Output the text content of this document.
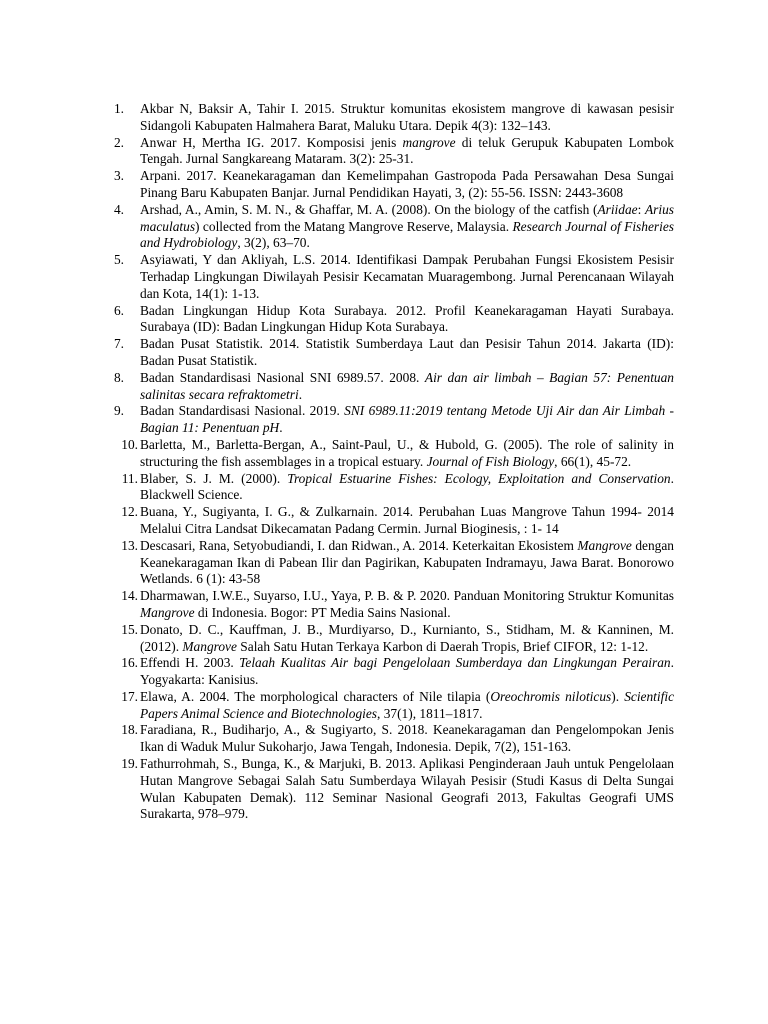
1 . Akbar N, Baksir A, Tahir I. 2015. Struktur komunitas ekosistem mangrove di kawasan pesisir Sidangoli Kabupaten Halmahera Barat, Maluku Utara. Depik 4(3): 132–143.
2 . Anwar H, Mertha IG. 2017. Komposisi jenis mangrove di teluk Gerupuk Kabupaten Lombok Tengah. Jurnal Sangkareang Mataram. 3(2): 25-31.
3 . Arpani. 2017. Keanekaragaman dan Kemelimpahan Gastropoda Pada Persawahan Desa Sungai Pinang Baru Kabupaten Banjar. Jurnal Pendidikan Hayati, 3, (2): 55-56. ISSN: 2443-3608
4 . Arshad, A., Amin, S. M. N., & Ghaffar, M. A. (2008). On the biology of the catfish (Ariidae: Arius maculatus) collected from the Matang Mangrove Reserve, Malaysia. Research Journal of Fisheries and Hydrobiology, 3(2), 63–70.
5 . Asyiawati, Y dan Akliyah, L.S. 2014. Identifikasi Dampak Perubahan Fungsi Ekosistem Pesisir Terhadap Lingkungan Diwilayah Pesisir Kecamatan Muaragembong. Jurnal Perencanaan Wilayah dan Kota, 14(1): 1-13.
6 . Badan Lingkungan Hidup Kota Surabaya. 2012. Profil Keanekaragaman Hayati Surabaya. Surabaya (ID): Badan Lingkungan Hidup Kota Surabaya.
7 . Badan Pusat Statistik. 2014. Statistik Sumberdaya Laut dan Pesisir Tahun 2014. Jakarta (ID): Badan Pusat Statistik.
8 . Badan Standardisasi Nasional SNI 6989.57. 2008. Air dan air limbah – Bagian 57: Penentuan salinitas secara refraktometri.
9 . Badan Standardisasi Nasional. 2019. SNI 6989.11:2019 tentang Metode Uji Air dan Air Limbah - Bagian 11: Penentuan pH.
10 . Barletta, M., Barletta-Bergan, A., Saint-Paul, U., & Hubold, G. (2005). The role of salinity in structuring the fish assemblages in a tropical estuary. Journal of Fish Biology, 66(1), 45-72.
11 . Blaber, S. J. M. (2000). Tropical Estuarine Fishes: Ecology, Exploitation and Conservation. Blackwell Science.
12 . Buana, Y., Sugiyanta, I. G., & Zulkarnain. 2014. Perubahan Luas Mangrove Tahun 1994- 2014 Melalui Citra Landsat Dikecamatan Padang Cermin. Jurnal Bioginesis, : 1- 14
13 . Descasari, Rana, Setyobudiandi, I. dan Ridwan., A. 2014. Keterkaitan Ekosistem Mangrove dengan Keanekaragaman Ikan di Pabean Ilir dan Pagirikan, Kabupaten Indramayu, Jawa Barat. Bonorowo Wetlands. 6 (1): 43-58
14 . Dharmawan, I.W.E., Suyarso, I.U., Yaya, P. B. & P. 2020. Panduan Monitoring Struktur Komunitas Mangrove di Indonesia. Bogor: PT Media Sains Nasional.
15 . Donato, D. C., Kauffman, J. B., Murdiyarso, D., Kurnianto, S., Stidham, M. & Kanninen, M. (2012). Mangrove Salah Satu Hutan Terkaya Karbon di Daerah Tropis, Brief CIFOR, 12: 1-12.
16 . Effendi H. 2003. Telaah Kualitas Air bagi Pengelolaan Sumberdaya dan Lingkungan Perairan. Yogyakarta: Kanisius.
17 . Elawa, A. 2004. The morphological characters of Nile tilapia (Oreochromis niloticus). Scientific Papers Animal Science and Biotechnologies, 37(1), 1811–1817.
18 . Faradiana, R., Budiharjo, A., & Sugiyarto, S. 2018. Keanekaragaman dan Pengelompokan Jenis Ikan di Waduk Mulur Sukoharjo, Jawa Tengah, Indonesia. Depik, 7(2), 151-163.
19 . Fathurrohmah, S., Bunga, K., & Marjuki, B. 2013. Aplikasi Penginderaan Jauh untuk Pengelolaan Hutan Mangrove Sebagai Salah Satu Sumberdaya Wilayah Pesisir (Studi Kasus di Delta Sungai Wulan Kabupaten Demak). 112 Seminar Nasional Geografi 2013, Fakultas Geografi UMS Surakarta, 978–979.
